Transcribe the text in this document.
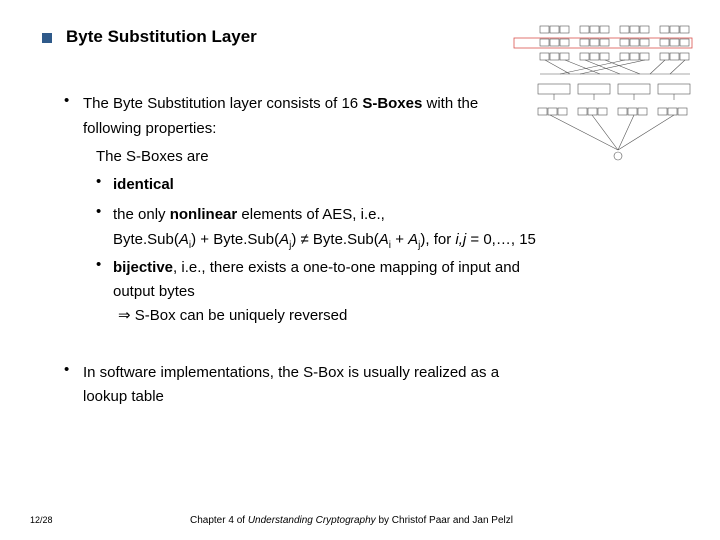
Byte Substitution Layer
• The Byte Substitution layer consists of 16 S-Boxes with the
following properties:
The S-Boxes are
• identical
• the only nonlinear elements of AES, i.e.,
$Byte.Sub(A_i)$ + $Byte.Sub(A_j)$ ≠ $Byte.Sub(A_i + A_j)$, for i,j = 0,…, 15
• bijective, i.e., there exists a one-to-one mapping of input and
output bytes
⇒ S-Box can be uniquely reversed
• In software implementations, the S-Box is usually realized as a
lookup table
12/28	Chapter 4 of Understanding Cryptography by Christof Paar and Jan Pelzl
